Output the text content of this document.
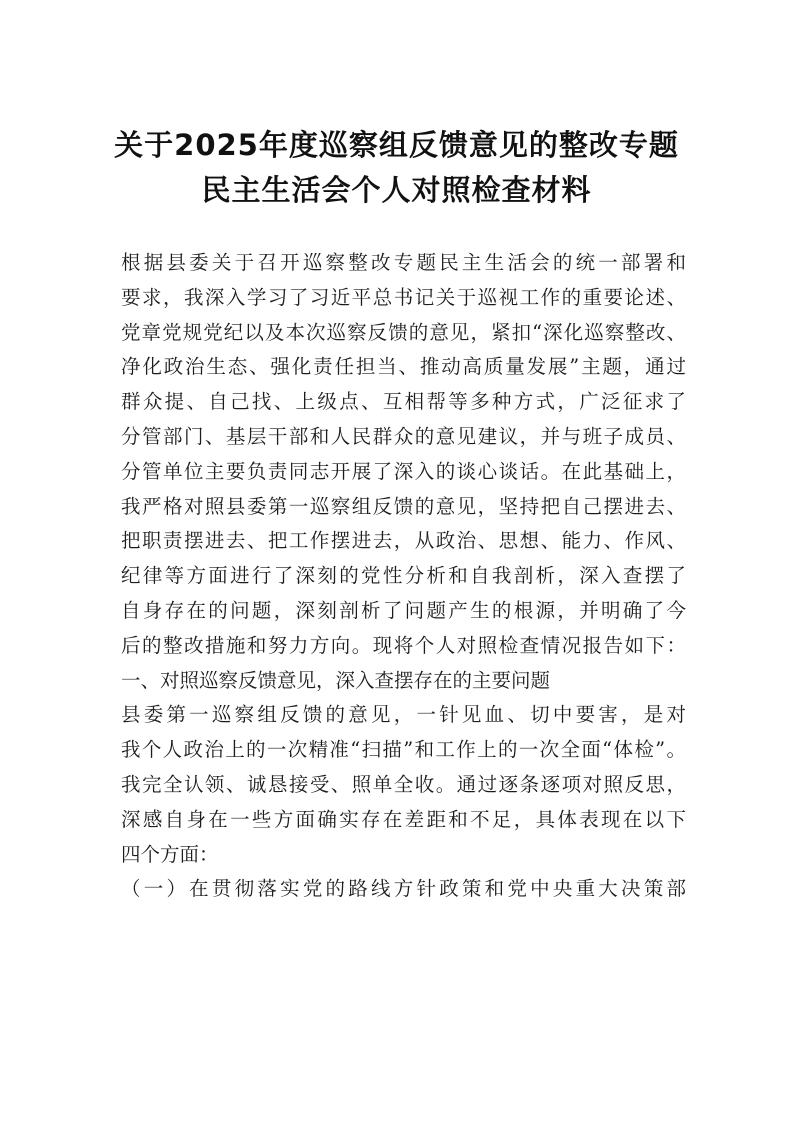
关于2025年度巡察组反馈意见的整改专题
民主生活会个人对照检查材料
根据县委关于召开巡察整改专题民主生活会的统一部署和
要求，我深入学习了习近平总书记关于巡视工作的重要论述、
党章党规党纪以及本次巡察反馈的意见，紧扣“深化巡察整改、
净化政治生态、强化责任担当、推动高质量发展”主题，通过
群众提、自己找、上级点、互相帮等多种方式，广泛征求了
分管部门、基层干部和人民群众的意见建议，并与班子成员、
分管单位主要负责同志开展了深入的谈心谈话。在此基础上，
我严格对照县委第一巡察组反馈的意见，坚持把自己摆进去、
把职责摆进去、把工作摆进去，从政治、思想、能力、作风、
纪律等方面进行了深刻的党性分析和自我剖析，深入查摆了
自身存在的问题，深刻剖析了问题产生的根源，并明确了今
后的整改措施和努力方向。现将个人对照检查情况报告如下：
一、对照巡察反馈意见，深入查摆存在的主要问题
县委第一巡察组反馈的意见，一针见血、切中要害，是对
我个人政治上的一次精准“扫描”和工作上的一次全面“体检”。
我完全认领、诚恳接受、照单全收。通过逐条逐项对照反思，
深感自身在一些方面确实存在差距和不足，具体表现在以下
四个方面：
（一）在贯彻落实党的路线方针政策和党中央重大决策部
